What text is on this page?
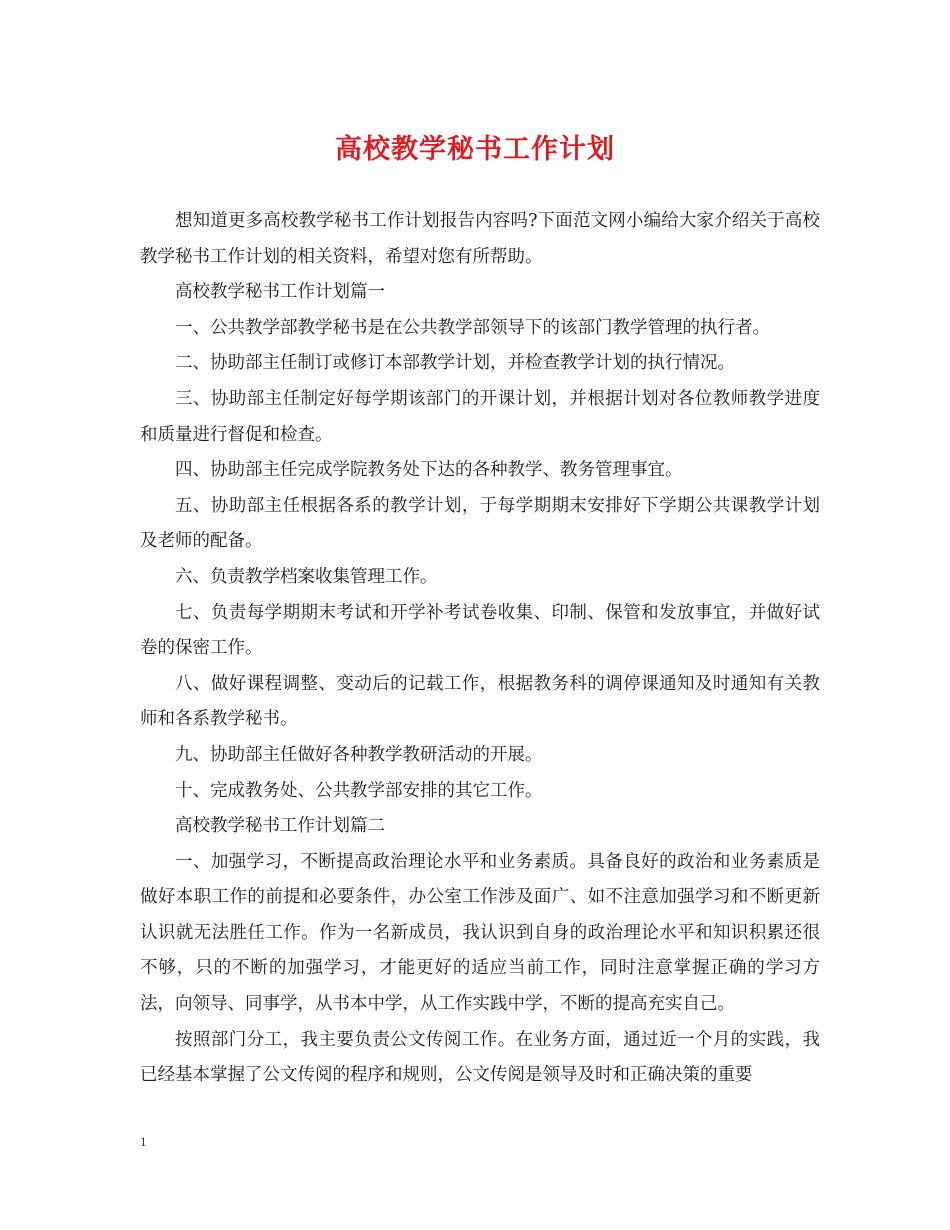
高校教学秘书工作计划

想知道更多高校教学秘书工作计划报告内容吗?下面范文网小编给大家介绍关于高校教学秘书工作计划的相关资料，希望对您有所帮助。

高校教学秘书工作计划篇一

一、公共教学部教学秘书是在公共教学部领导下的该部门教学管理的执行者。

二、协助部主任制订或修订本部教学计划，并检查教学计划的执行情况。

三、协助部主任制定好每学期该部门的开课计划，并根据计划对各位教师教学进度和质量进行督促和检查。

四、协助部主任完成学院教务处下达的各种教学、教务管理事宜。

五、协助部主任根据各系的教学计划，于每学期期末安排好下学期公共课教学计划及老师的配备。

六、负责教学档案收集管理工作。

七、负责每学期期末考试和开学补考试卷收集、印制、保管和发放事宜，并做好试卷的保密工作。

八、做好课程调整、变动后的记载工作，根据教务科的调停课通知及时通知有关教师和各系教学秘书。

九、协助部主任做好各种教学教研活动的开展。

十、完成教务处、公共教学部安排的其它工作。

高校教学秘书工作计划篇二

一、加强学习，不断提高政治理论水平和业务素质。具备良好的政治和业务素质是做好本职工作的前提和必要条件，办公室工作涉及面广、如不注意加强学习和不断更新认识就无法胜任工作。作为一名新成员，我认识到自身的政治理论水平和知识积累还很不够，只的不断的加强学习，才能更好的适应当前工作，同时注意掌握正确的学习方法，向领导、同事学，从书本中学，从工作实践中学，不断的提高充实自己。

按照部门分工，我主要负责公文传阅工作。在业务方面，通过近一个月的实践，我已经基本掌握了公文传阅的程序和规则，公文传阅是领导及时和正确决策的重要

1
